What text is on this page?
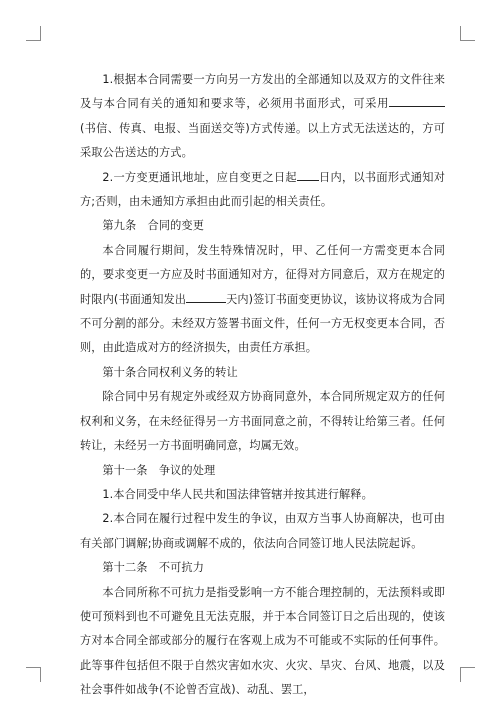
1.根据本合同需要一方向另一方发出的全部通知以及双方的文件往来及与本合同有关的通知和要求等，必须用书面形式，可采用(书信、传真、电报、当面送交等)方式传递。以上方式无法送达的，方可采取公告送达的方式。

2.一方变更通讯地址，应自变更之日起 日内，以书面形式通知对方;否则，由未通知方承担由此而引起的相关责任。

第九条　合同的变更

本合同履行期间，发生特殊情况时，甲、乙任何一方需变更本合同的，要求变更一方应及时书面通知对方，征得对方同意后，双方在规定的时限内(书面通知发出	天内)签订书面变更协议，该协议将成为合同不可分割的部分。未经双方签署书面文件，任何一方无权变更本合同，否则，由此造成对方的经济损失，由责任方承担。

第十条合同权利义务的转让

除合同中另有规定外或经双方协商同意外，本合同所规定双方的任何权利和义务，在未经征得另一方书面同意之前，不得转让给第三者。任何转让，未经另一方书面明确同意，均属无效。

第十一条　争议的处理

1.本合同受中华人民共和国法律管辖并按其进行解释。

2.本合同在履行过程中发生的争议，由双方当事人协商解决，也可由有关部门调解;协商或调解不成的，依法向合同签订地人民法院起诉。

第十二条　不可抗力

本合同所称不可抗力是指受影响一方不能合理控制的，无法预料或即使可预料到也不可避免且无法克服，并于本合同签订日之后出现的，使该方对本合同全部或部分的履行在客观上成为不可能或不实际的任何事件。此等事件包括但不限于自然灾害如水灾、火灾、旱灾、台风、地震，以及社会事件如战争(不论曾否宣战)、动乱、罢工，
